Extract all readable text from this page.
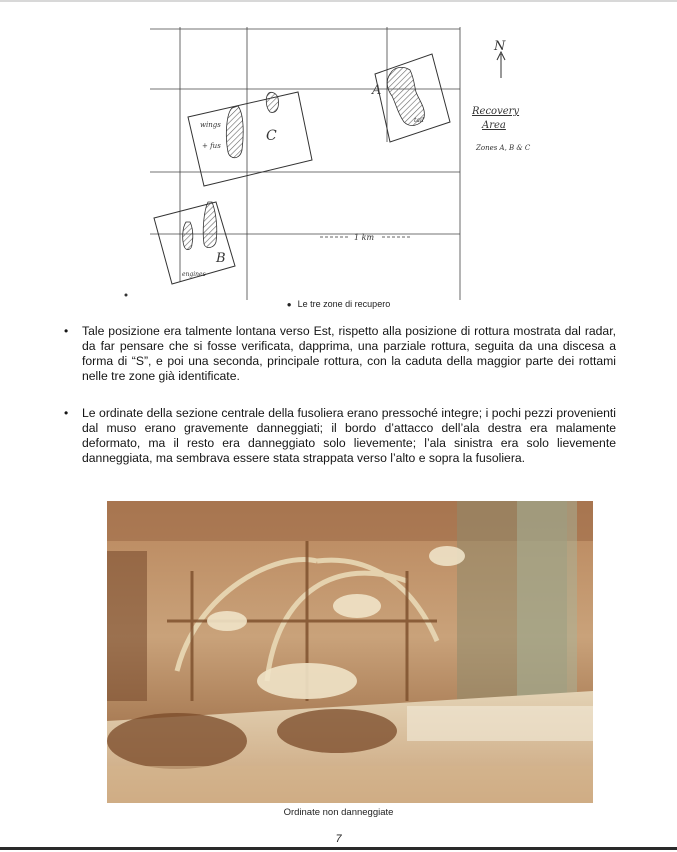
C
wings
+ fus
A
tail
B
engines
1 km
N
Recovery
Area
Zones A, B & C
● Le tre zone di recupero
• Tale posizione era talmente lontana verso Est, rispetto alla posizione di rottura mostrata dal radar, da far pensare che si fosse verificata, dapprima, una parziale rottura, seguita da una discesa a forma di “S”, e poi una seconda, principale rottura, con la caduta della maggior parte dei rottami nelle tre zone già identificate.
• Le ordinate della sezione centrale della fusoliera erano pressoché integre; i pochi pezzi provenienti dal muso erano gravemente danneggiati; il bordo d’attacco dell’ala destra era malamente deformato, ma il resto era danneggiato solo lievemente; l’ala sinistra era solo lievemente danneggiata, ma sembrava essere stata strappata verso l’alto e sopra la fusoliera.
Ordinate non danneggiate
7
